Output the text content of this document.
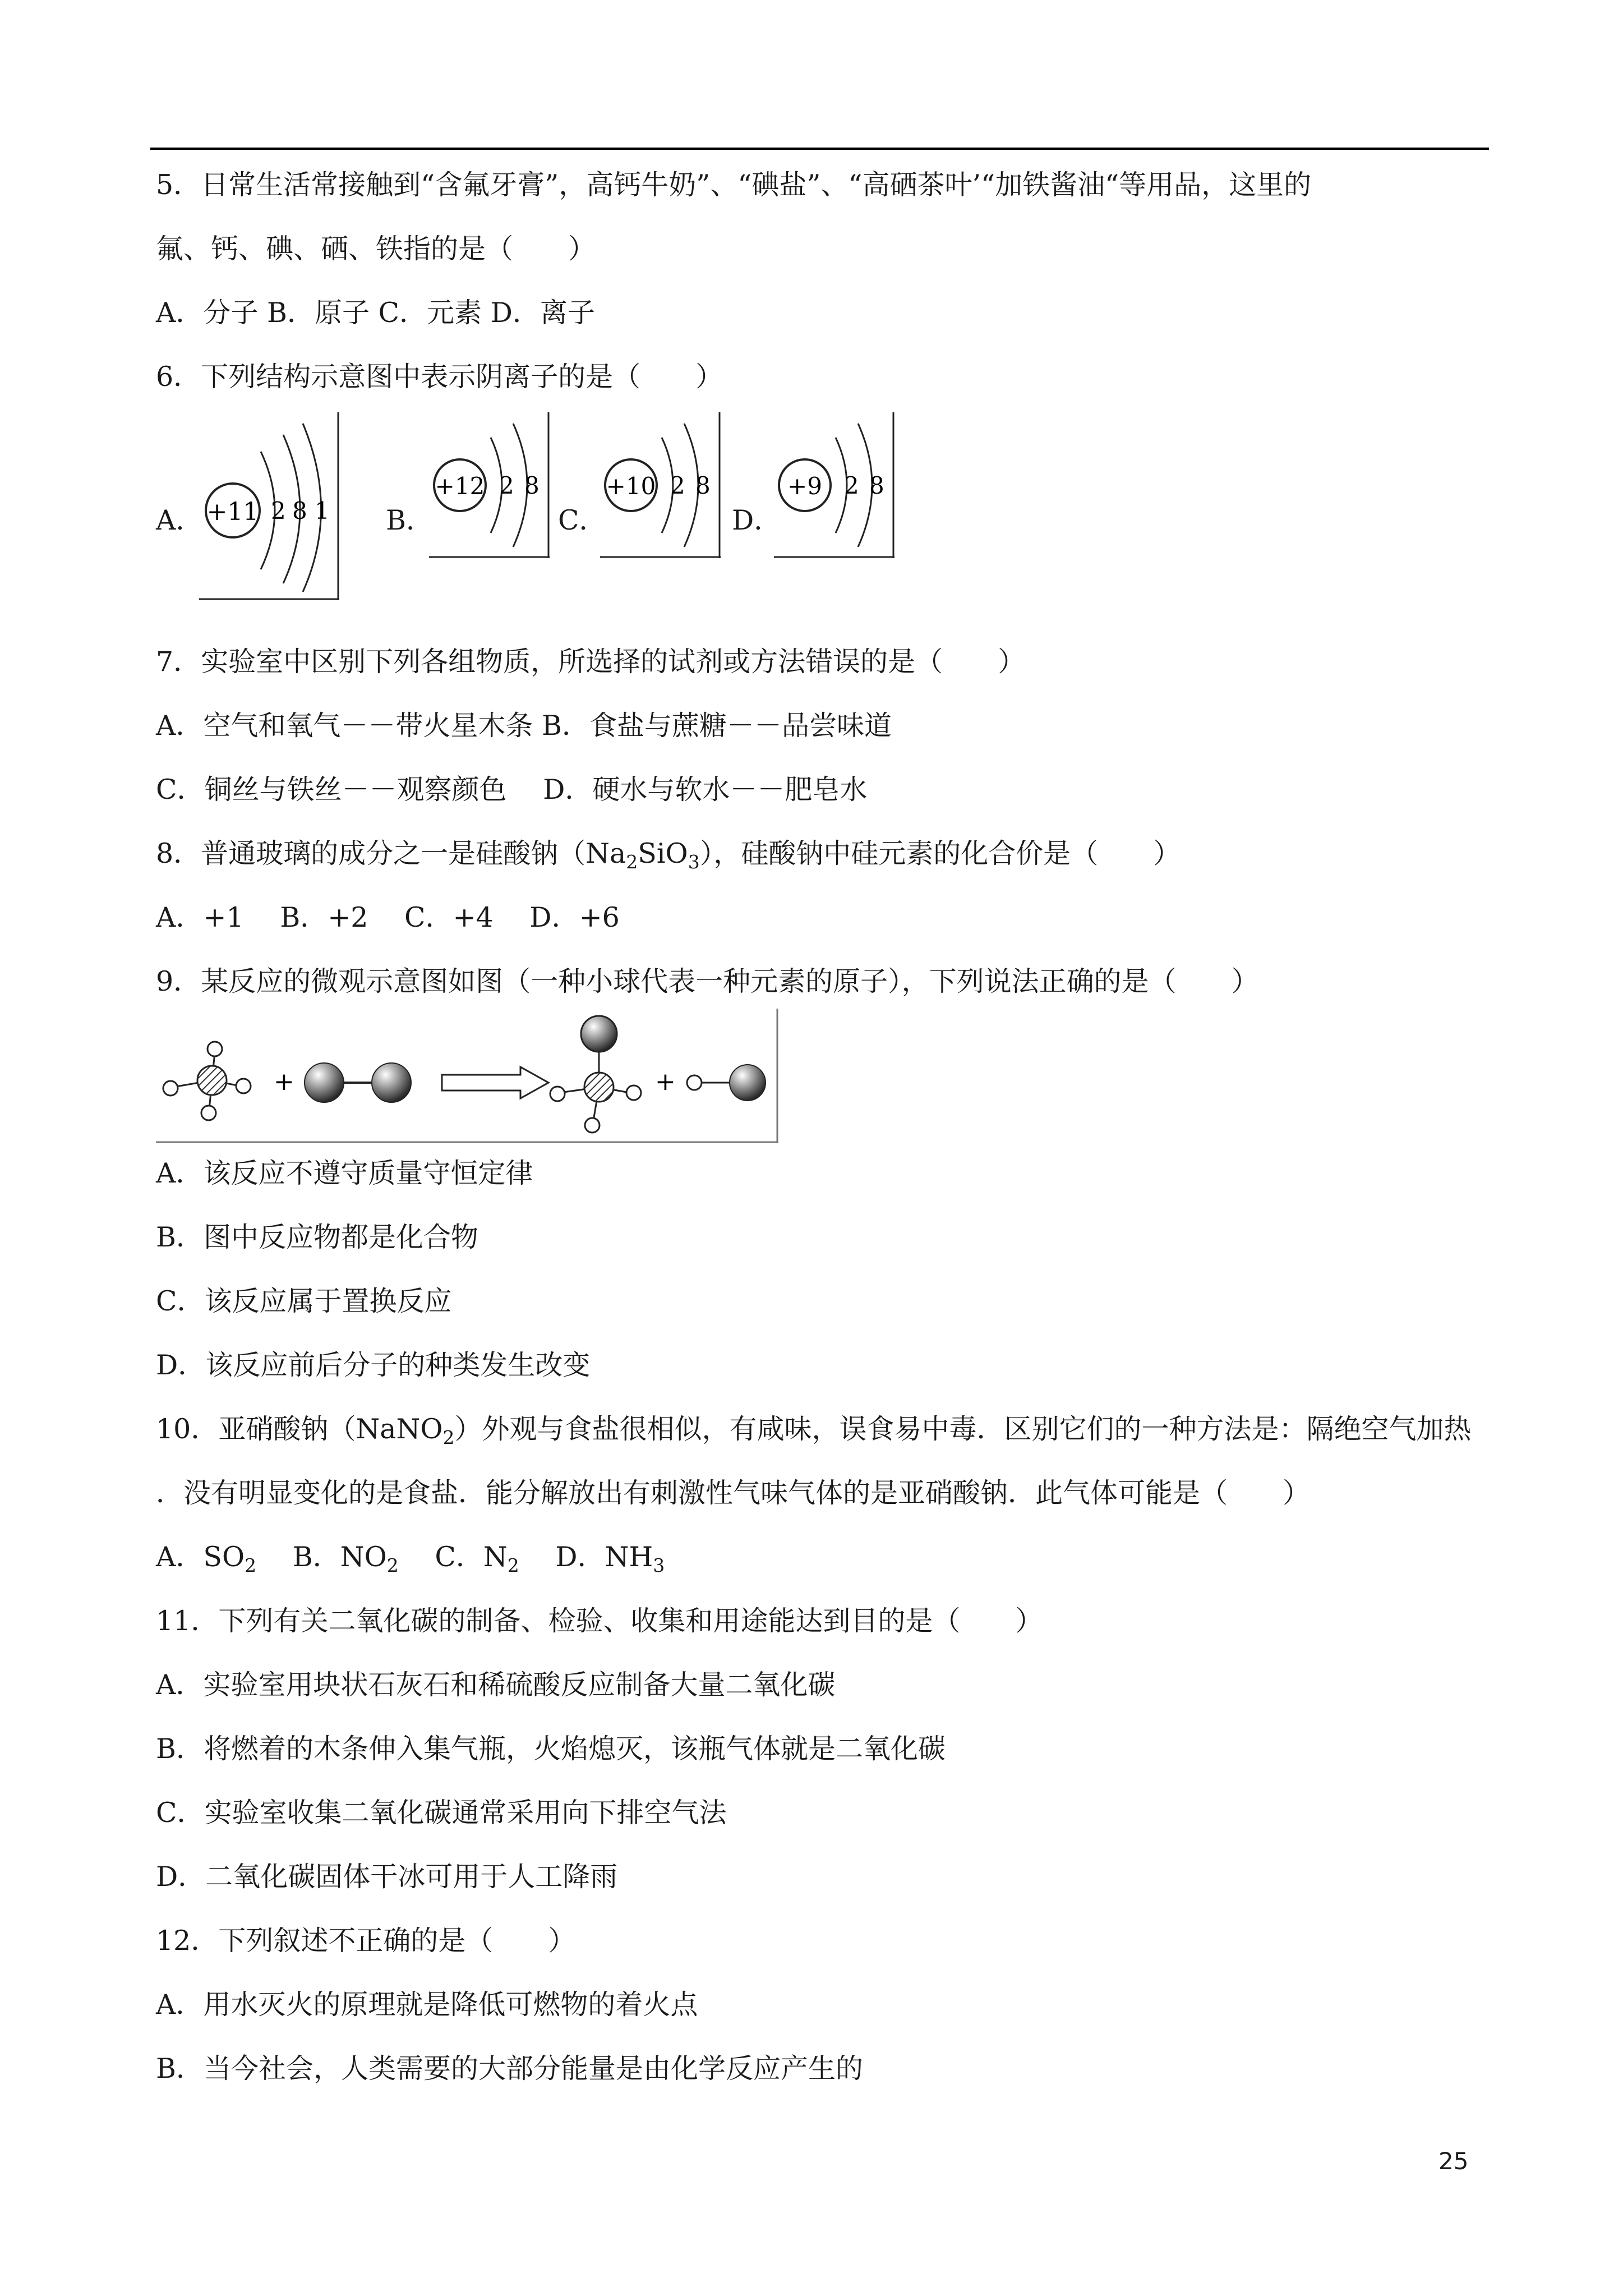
5．日常生活常接触到“含氟牙膏”，高钙牛奶”、“碘盐”、“高硒茶叶’“加铁酱油“等用品，这里的
氟、钙、碘、硒、铁指的是（　　）
A．分子 B．原子 C．元素 D．离子
6．下列结构示意图中表示阴离子的是（　　）
A． +11 2 8 1 B．
+12 2 8
C．
+10 2 8
D．
+9 2 8
7．实验室中区别下列各组物质，所选择的试剂或方法错误的是（　　）
A．空气和氧气－－带火星木条 B．食盐与蔗糖－－品尝味道
C．铜丝与铁丝－－观察颜色　 D．硬水与软水－－肥皂水
8．普通玻璃的成分之一是硅酸钠$(Na_2SiO_3)$，硅酸钠中硅元素的化合价是（　　）
A．+1　 B．+2　 C．+4　 D．+6
9．某反应的微观示意图如图（一种小球代表一种元素的原子），下列说法正确的是（　　）
+	+
A．该反应不遵守质量守恒定律
B．图中反应物都是化合物
C．该反应属于置换反应
D．该反应前后分子的种类发生改变
10．亚硝酸钠（NaNO$_2$）外观与食盐很相似，有咸味，误食易中毒．区别它们的一种方法是：隔绝空气加热
．没有明显变化的是食盐．能分解放出有刺激性气味气体的是亚硝酸钠．此气体可能是（　　）
A．$SO_2$　 B．$NO_2$　 C．$N_2$　 D．$NH_3$
11．下列有关二氧化碳的制备、检验、收集和用途能达到目的是（　　）
A．实验室用块状石灰石和稀硫酸反应制备大量二氧化碳
B．将燃着的木条伸入集气瓶，火焰熄灭，该瓶气体就是二氧化碳
C．实验室收集二氧化碳通常采用向下排空气法
D．二氧化碳固体干冰可用于人工降雨
12．下列叙述不正确的是（　　）
A．用水灭火的原理就是降低可燃物的着火点
B．当今社会，人类需要的大部分能量是由化学反应产生的
25
